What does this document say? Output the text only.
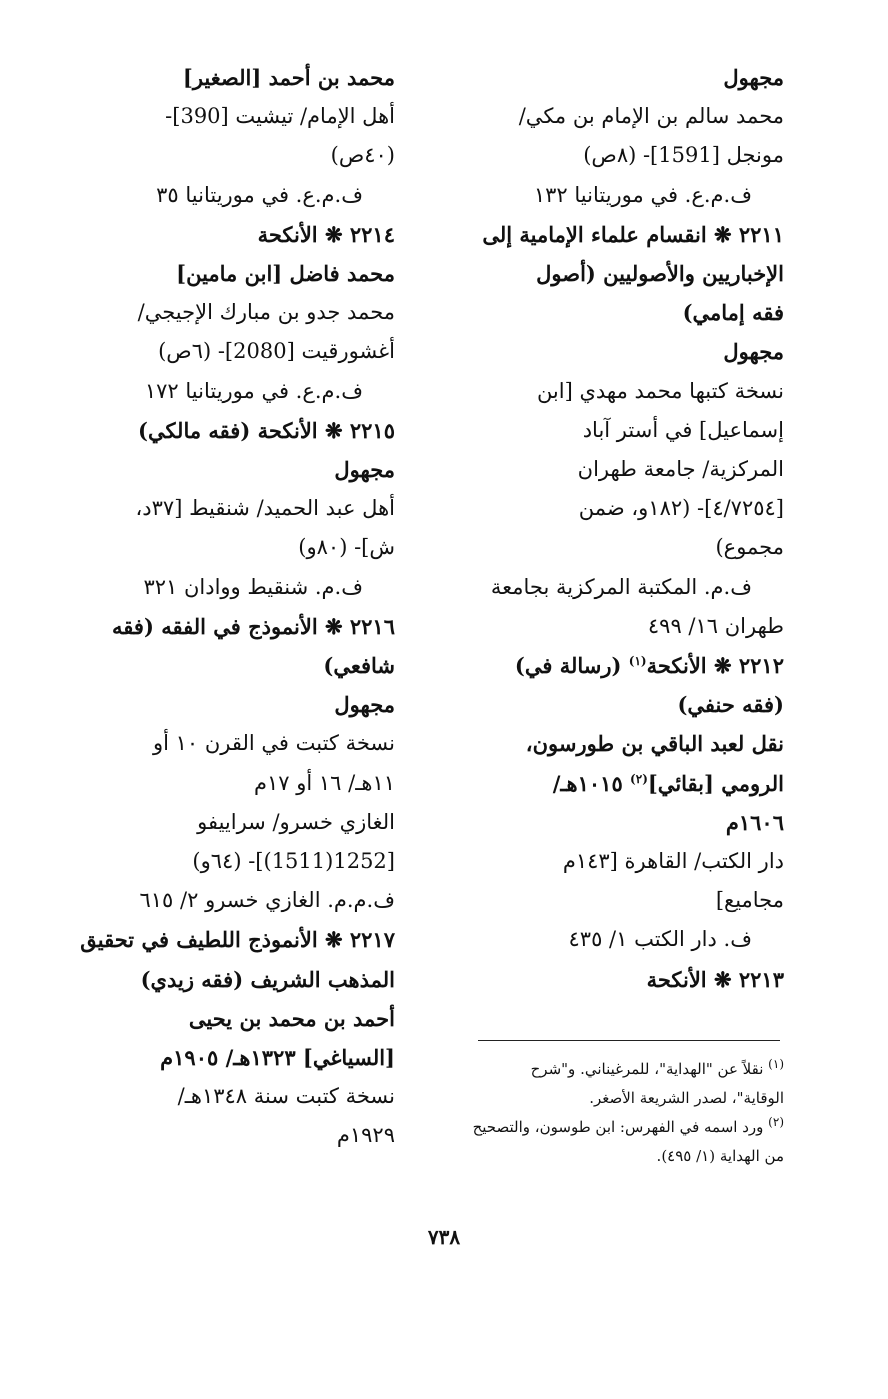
مجهول
محمد سالم بن الإمام بن مكي/
مونجل [1591]- (٨ص)
ف.م.ع. في موريتانيا ١٣٢
٢٢١١ ❋ انقسام علماء الإمامية إلى
الإخباريين والأصوليين (أصول
فقه إمامي)
مجهول
نسخة كتبها محمد مهدي [ابن
إسماعيل] في أستر آباد
المركزية/ جامعة طهران
[٤/٧٢٥٤]- (١٨٢و، ضمن
مجموع)
ف.م. المكتبة المركزية بجامعة
طهران ١٦/ ٤٩٩
٢٢١٢ ❋ الأنكحة$^{(١)}$ (رسالة في)
(فقه حنفي)
نقل لعبد الباقي بن طورسون،
الرومي [بقائي]$^{(٢)}$ ١٠١٥هـ/
١٦٠٦م
دار الكتب/ القاهرة [١٤٣م
مجاميع]
ف. دار الكتب ١/ ٤٣٥
٢٢١٣ ❋ الأنكحة
محمد بن أحمد [الصغير]
أهل الإمام/ تيشيت [390]-
(٤٠ص)
ف.م.ع. في موريتانيا ٣٥
٢٢١٤ ❋ الأنكحة
محمد فاضل [ابن مامين]
محمد جدو بن مبارك الإجيجي/
أغشورقيت [2080]- (٦ص)
ف.م.ع. في موريتانيا ١٧٢
٢٢١٥ ❋ الأنكحة (فقه مالكي)
مجهول
أهل عبد الحميد/ شنقيط [٣٧د،
ش]- (٨٠و)
ف.م. شنقيط ووادان ٣٢١
٢٢١٦ ❋ الأنموذج في الفقه (فقه
شافعي)
مجهول
نسخة كتبت في القرن ١٠ أو
١١هـ/ ١٦ أو ١٧م
الغازي خسرو/ سراييفو
[1252(1511)]- (٦٤و)
ف.م.م. الغازي خسرو ٢/ ٦١٥
٢٢١٧ ❋ الأنموذج اللطيف في تحقيق
المذهب الشريف (فقه زيدي)
أحمد بن محمد بن يحيى
[السياغي] ١٣٢٣هـ/ ١٩٠٥م
نسخة كتبت سنة ١٣٤٨هـ/
١٩٢٩م
$^{(١)}$ نقلاً عن "الهداية"، للمرغيناني. و"شرح
الوقاية"، لصدر الشريعة الأصغر.
$^{(٢)}$ ورد اسمه في الفهرس: ابن طوسون، والتصحيح
من الهداية (١/ ٤٩٥).
٧٣٨
